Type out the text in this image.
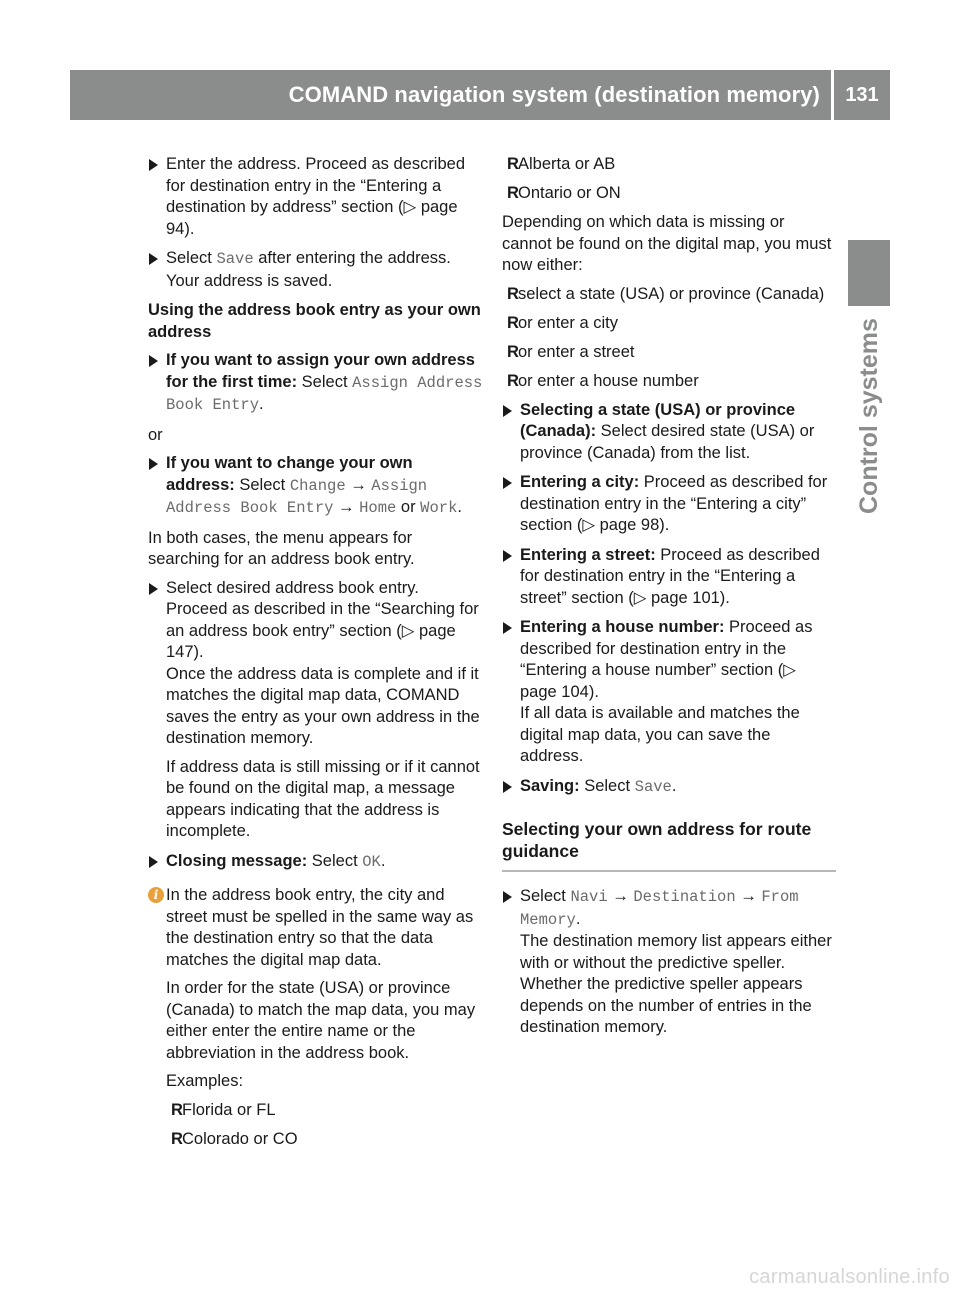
COMAND navigation system (destination memory)	131
Control systems
Enter the address. Proceed as described for destination entry in the “Entering a destination by address” section (▷ page 94).
Select Save after entering the address.
Your address is saved.

Using the address book entry as your own address

If you want to assign your own address for the first time: Select Assign Address Book Entry.

or

If you want to change your own address: Select Change → Assign Address Book Entry → Home or Work.

In both cases, the menu appears for searching for an address book entry.

Select desired address book entry.
Proceed as described in the “Searching for an address book entry” section (▷ page 147).
Once the address data is complete and if it matches the digital map data, COMAND saves the entry as your own address in the destination memory.

If address data is still missing or if it cannot be found on the digital map, a message appears indicating that the address is incomplete.

Closing message: Select OK.
i In the address book entry, the city and street must be spelled in the same way as the destination entry so that the data matches the digital map data.

In order for the state (USA) or province (Canada) to match the map data, you may either enter the entire name or the abbreviation in the address book.

Examples:

R Florida or FL
R Colorado or CO
R Alberta or AB
R Ontario or ON

Depending on which data is missing or cannot be found on the digital map, you must now either:

R select a state (USA) or province (Canada)
R or enter a city
R or enter a street
R or enter a house number
Selecting a state (USA) or province (Canada): Select desired state (USA) or province (Canada) from the list.
Entering a city: Proceed as described for destination entry in the “Entering a city” section (▷ page 98).
Entering a street: Proceed as described for destination entry in the “Entering a street” section (▷ page 101).
Entering a house number: Proceed as described for destination entry in the “Entering a house number” section (▷ page 104).
If all data is available and matches the digital map data, you can save the address.
Saving: Select Save.
Selecting your own address for route guidance
Select Navi → Destination → From Memory.
The destination memory list appears either with or without the predictive speller. Whether the predictive speller appears depends on the number of entries in the destination memory.
carmanualsonline.info
